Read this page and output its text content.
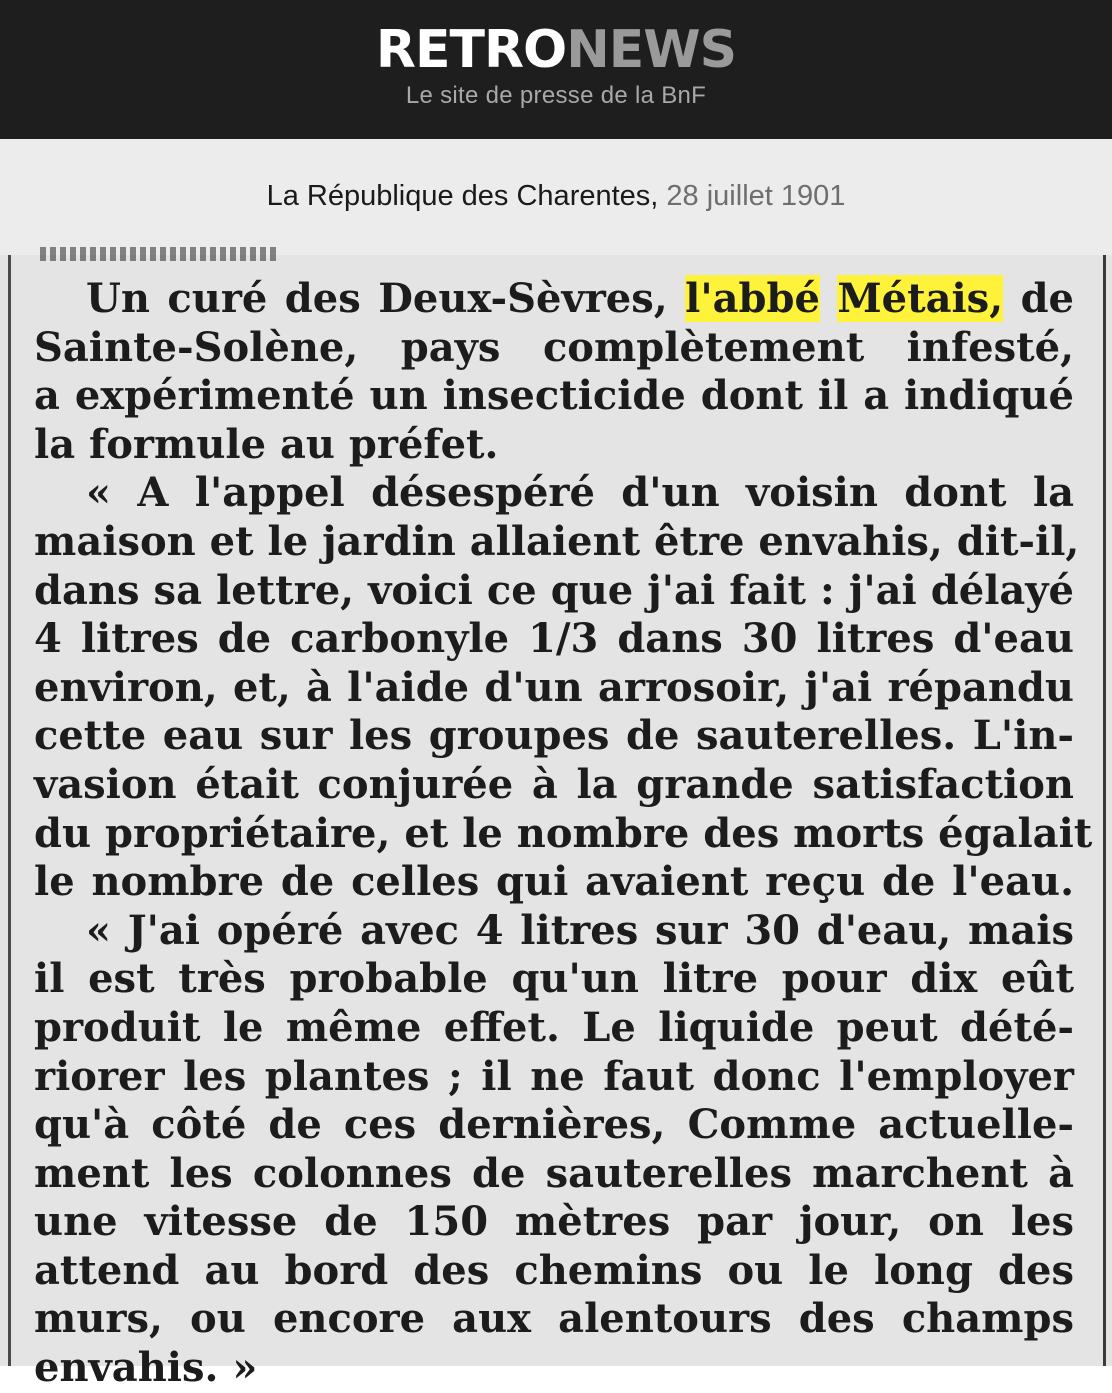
RETRONEWS
Le site de presse de la BnF
La République des Charentes, 28 juillet 1901
Un curé des Deux-Sèvres, l'abbé Métais, de
Sainte-Solène, pays complètement infesté,
a expérimenté un insecticide dont il a indiqué
la formule au préfet.
« A l'appel désespéré d'un voisin dont la
maison et le jardin allaient être envahis, dit-il,
dans sa lettre, voici ce que j'ai fait : j'ai délayé
4 litres de carbonyle 1/3 dans 30 litres d'eau
environ, et, à l'aide d'un arrosoir, j'ai répandu
cette eau sur les groupes de sauterelles. L'in-
vasion était conjurée à la grande satisfaction
du propriétaire, et le nombre des morts égalait
le nombre de celles qui avaient reçu de l'eau.
« J'ai opéré avec 4 litres sur 30 d'eau, mais
il est très probable qu'un litre pour dix eût
produit le même effet. Le liquide peut dété-
riorer les plantes ; il ne faut donc l'employer
qu'à côté de ces dernières, Comme actuelle-
ment les colonnes de sauterelles marchent à
une vitesse de 150 mètres par jour, on les
attend au bord des chemins ou le long des
murs, ou encore aux alentours des champs
envahis. »
